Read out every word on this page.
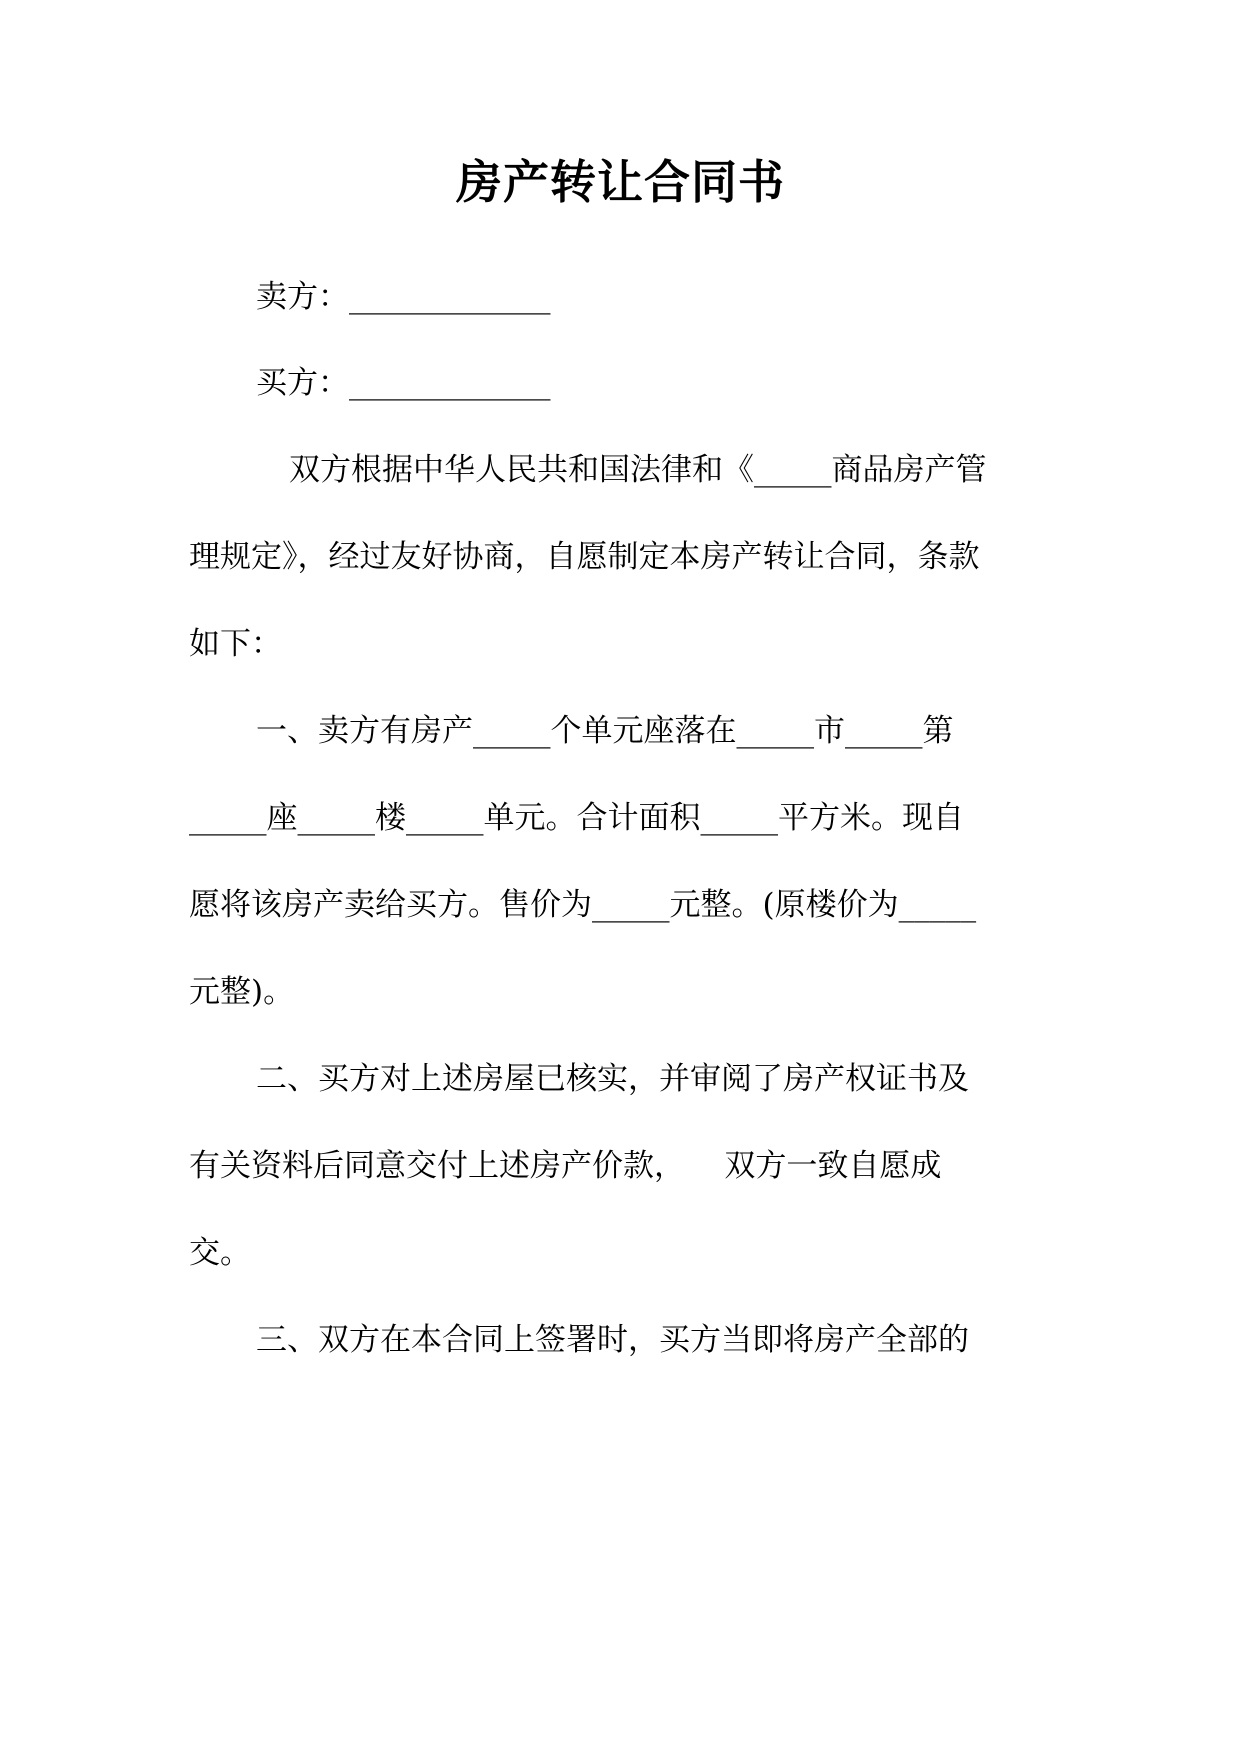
房产转让合同书
卖方：_____________
买方：_____________
双方根据中华人民共和国法律和《_____商品房产管
理规定》，经过友好协商，自愿制定本房产转让合同，条款
如下：
一、卖方有房产_____个单元座落在_____市_____第
_____座_____楼_____单元。合计面积_____平方米。现自
愿将该房产卖给买方。售价为_____元整。(原楼价为_____
元整)。
二、买方对上述房屋已核实，并审阅了房产权证书及
有关资料后同意交付上述房产价款，    双方一致自愿成
交。
三、双方在本合同上签署时，买方当即将房产全部的
